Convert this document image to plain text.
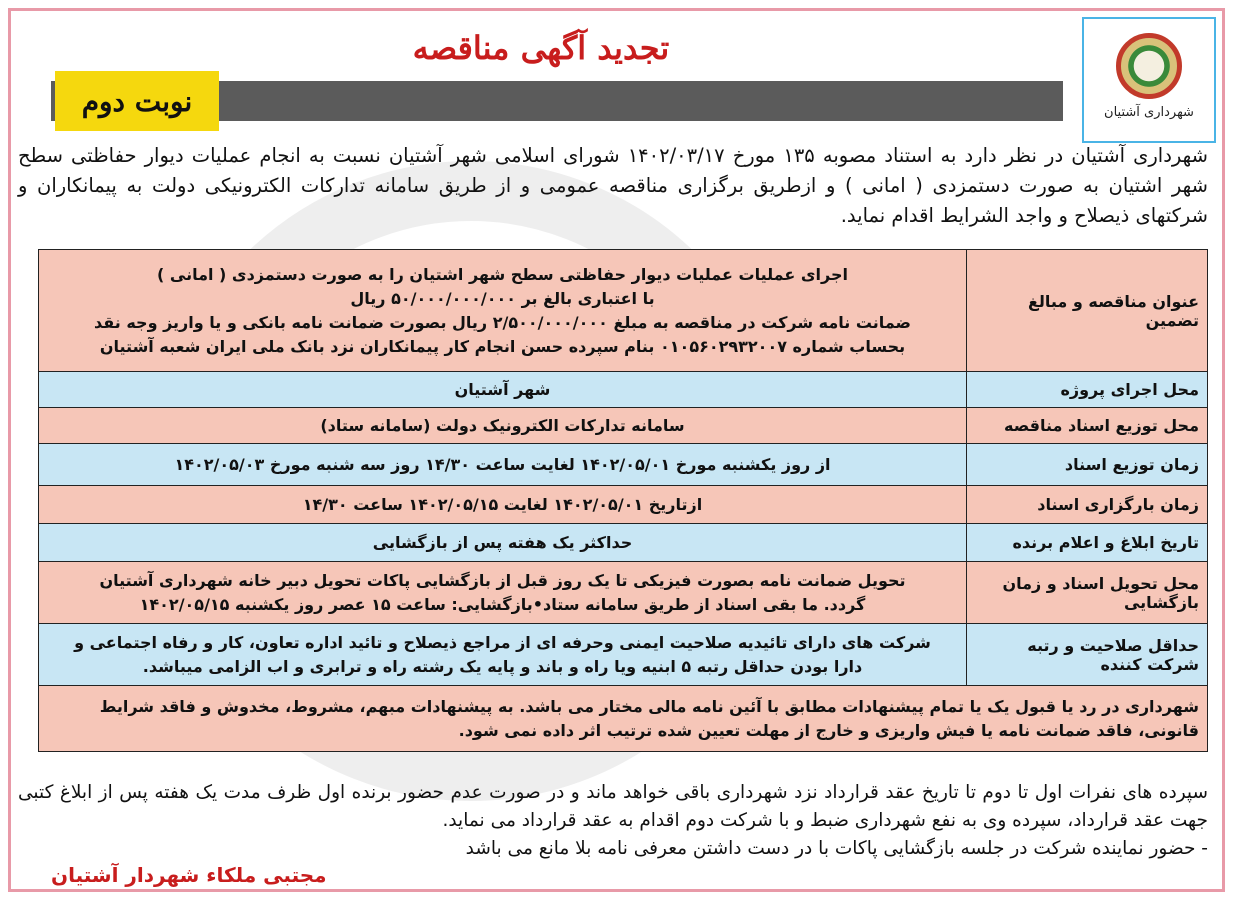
شهرداری آشتیان
تجدید آگهی مناقصه
نوبت دوم
شهرداری آشتیان در نظر دارد به استناد مصوبه ۱۳۵ مورخ ۱۴۰۲/۰۳/۱۷ شورای اسلامی شهر آشتیان نسبت به انجام عملیات دیوار حفاظتی سطح شهر اشتیان به صورت دستمزدی ( امانی ) و ازطریق برگزاری مناقصه عمومی و از طریق سامانه تدارکات الکترونیکی دولت به پیمانکاران و شرکتهای ذیصلاح و واجد الشرایط اقدام نماید.
عنوان مناقصه و مبالغ تضمین	اجرای عملیات عملیات دیوار حفاظتی سطح شهر اشتیان را به صورت دستمزدی ( امانی )
با اعتباری بالغ بر ۵۰/۰۰۰/۰۰۰/۰۰۰ ریال
ضمانت نامه شرکت در مناقصه به مبلغ ۲/۵۰۰/۰۰۰/۰۰۰ ریال بصورت ضمانت نامه بانکی و یا واریز وجه نقد
بحساب شماره ۰۱۰۵۶۰۲۹۳۲۰۰۷ بنام سپرده حسن انجام کار پیمانکاران نزد بانک ملی ایران شعبه آشتیان

محل اجرای پروژه	شهر آشتیان

محل توزیع اسناد مناقصه	سامانه تدارکات الکترونیک دولت (سامانه ستاد)

زمان توزیع اسناد	از روز یکشنبه مورخ ۱۴۰۲/۰۵/۰۱ لغایت ساعت ۱۴/۳۰ روز سه شنبه مورخ ۱۴۰۲/۰۵/۰۳

زمان بارگزاری اسناد	ازتاریخ ۱۴۰۲/۰۵/۰۱ لغایت ۱۴۰۲/۰۵/۱۵ ساعت ۱۴/۳۰

تاریخ ابلاغ و اعلام برنده	حداکثر یک هفته پس از بازگشایی

محل تحویل اسناد و زمان بازگشایی	تحویل ضمانت نامه بصورت فیزیکی تا یک روز قبل از بازگشایی پاکات تحویل دبیر خانه شهرداری آشتیان
گردد. ما بقی اسناد از طریق سامانه ستاد•بازگشایی: ساعت ۱۵ عصر روز یکشنبه ۱۴۰۲/۰۵/۱۵

حداقل صلاحیت و رتبه شرکت کننده	شرکت های دارای تائیدیه صلاحیت ایمنی وحرفه ای از مراجع ذیصلاح و تائید اداره تعاون، کار و رفاه اجتماعی و
دارا بودن حداقل رتبه ۵ ابنیه ویا راه و باند و پایه یک رشته راه و ترابری و اب الزامی میباشد.

شهرداری در رد یا قبول یک یا تمام پیشنهادات مطابق با آئین نامه مالی مختار می باشد. به پیشنهادات مبهم، مشروط، مخدوش و فاقد شرایط
قانونی، فاقد ضمانت نامه یا فیش واریزی و خارج از مهلت تعیین شده ترتیب اثر داده نمی شود.	
سپرده های نفرات اول تا دوم تا تاریخ عقد قرارداد نزد شهرداری باقی خواهد ماند و در صورت عدم حضور برنده اول ظرف مدت یک هفته پس از ابلاغ کتبی جهت عقد قرارداد، سپرده وی به نفع شهرداری ضبط و با شرکت دوم اقدام به عقد قرارداد می نماید.
- حضور نماینده شرکت در جلسه بازگشایی پاکات با در دست داشتن معرفی نامه بلا مانع می باشد
مجتبی ملکاء شهردار آشتیان
